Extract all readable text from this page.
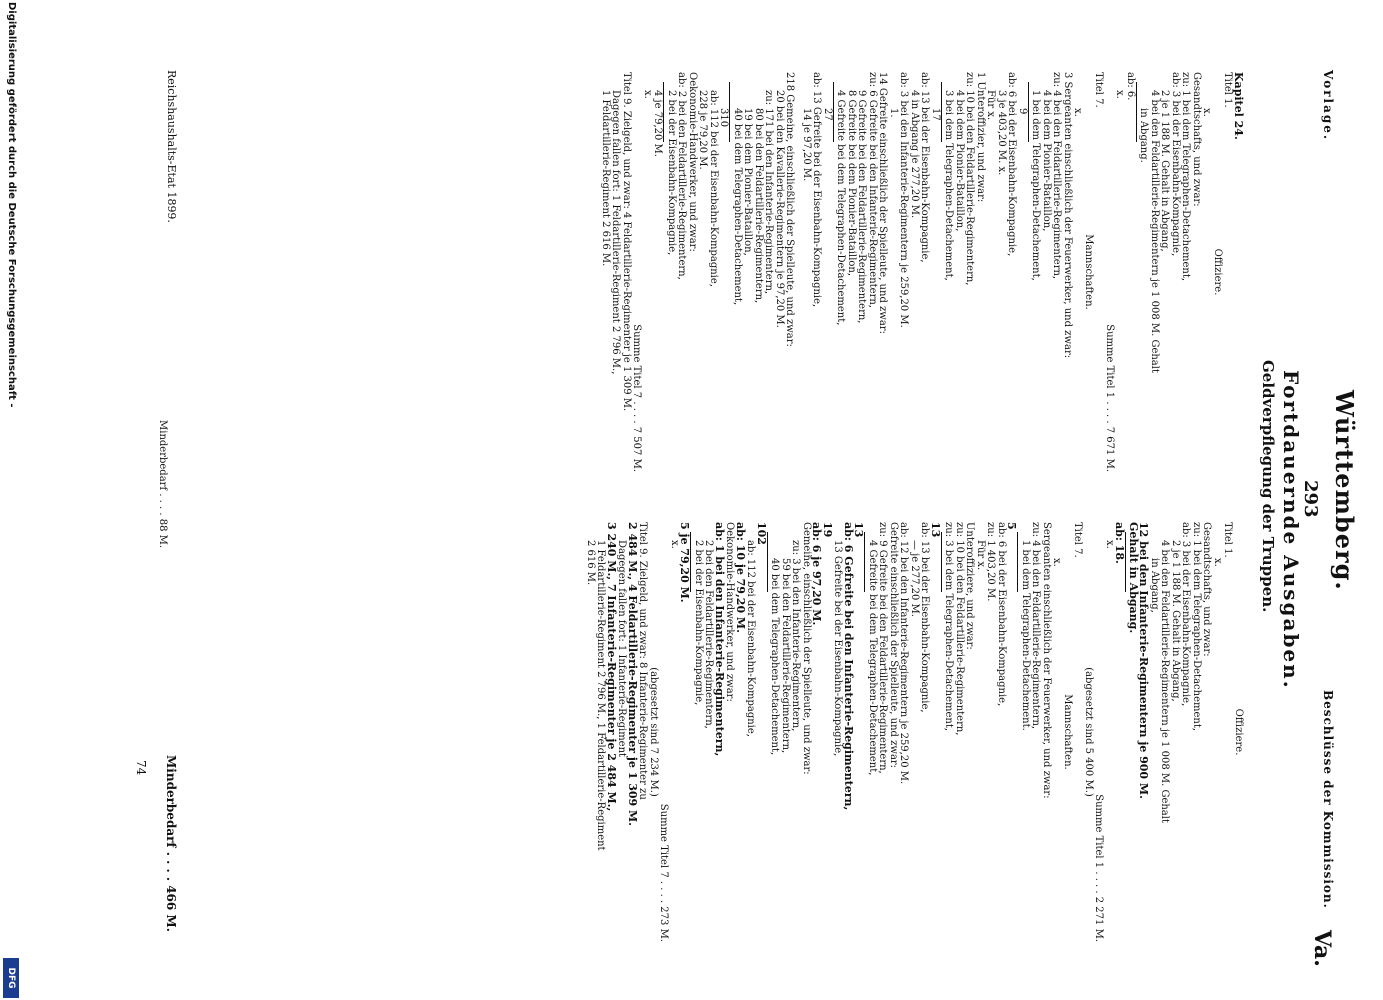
Vorlage.
Württemberg.
293
Beschlüsse der Kommission.
Va.
Fortdauernde Ausgaben.
Geldverpflegung der Truppen.
Kapitel 24.
Titel 1.
Offiziere.
x.
Gesandtschafts, und zwar:
zu: 1 bei dem Telegraphen-Detachement,
ab: 3 bei der Eisenbahn-Kompagnie,
2 je 1 188 M. Gehalt in Abgang,
4 bei den Feldartillerie-Regimentern je 1 008 M. Gehalt
in Abgang.
ab: 6.
x.
Summe Titel 1 . . . . 7 671 M.
Titel 7.
Mannschaften.
x.
3 Sergeanten einschließlich der Feuerwerker, und zwar:
zu: 4 bei den Feldartillerie-Regimentern,
4 bei dem Pionier-Bataillon,
1 bei dem Telegraphen-Detachement,
9
ab: 6 bei der Eisenbahn-Kompagnie,
3 je 403,20 M. x.
Für x.
1 Unteroffizier, und zwar:
zu: 10 bei den Feldartillerie-Regimentern,
4 bei dem Pionier-Bataillon,
3 bei dem Telegraphen-Detachement,
17
ab: 13 bei der Eisenbahn-Kompagnie,
4 in Abgang je 277,20 M.
ab: 3 bei den Infanterie-Regimentern je 259,20 M.
1.
14 Gefreite einschließlich der Spielleute, und zwar:
zu: 6 Gefreite bei den Infanterie-Regimentern,
9 Gefreite bei den Feldartillerie-Regimentern,
8 Gefreite bei dem Pionier-Bataillon,
4 Gefreite bei dem Telegraphen-Detachement,
27
ab: 13 Gefreite bei der Eisenbahn-Kompagnie,
14 je 97,20 M.
218 Gemeine, einschließlich der Spielleute, und zwar:
20 bei den Kavallerie-Regimentern je 97,20 M.
zu: 171 bei den Infanterie-Regimentern,
80 bei den Feldartillerie-Regimentern,
19 bei dem Pionier-Bataillon,
40 bei dem Telegraphen-Detachement,
310
ab: 112 bei der Eisenbahn-Kompagnie,
228 je 79,20 M.
Oekonomie-Handwerker, und zwar:
ab: 2 bei den Feldartillerie-Regimentern,
2 bei der Eisenbahn-Kompagnie,
4 je 79,20 M.
x.
Summe Titel 7 . . . . 7 507 M.
Titel 9. Zielgeld, und zwar: 4 Feldartillerie-Regimenter je 1 309 M.
Dagegen fallen fort: 1 Feldartillerie-Regiment 2 796 M.,
1 Feldartillerie-Regiment 2 616 M.
Offiziere.
Titel 1.
x.
Gesandtschafts, und zwar:
zu: 1 bei dem Telegraphen-Detachement,
ab: 3 bei der Eisenbahn-Kompagnie,
2 je 1 188 M. Gehalt in Abgang,
4 bei den Feldartillerie-Regimentern je 1 008 M. Gehalt
in Abgang,
12 bei den Infanterie-Regimentern je 900 M.
Gehalt in Abgang.
ab: 18.
x.
Summe Titel 1 . . . . 2 271 M.
(abgesetzt sind 5 400 M.)
Titel 7.
Mannschaften.
x.
Sergeanten einschließlich der Feuerwerker, und zwar:
zu: 4 bei den Feldartillerie-Regimentern,
1 bei dem Telegraphen-Detachement.
5
ab: 6 bei der Eisenbahn-Kompagnie,
zu: 1 403,20 M.
Für x.
Unteroffiziere, und zwar:
zu: 10 bei den Feldartillerie-Regimentern,
zu: 3 bei dem Telegraphen-Detachement,
13
ab: 13 bei der Eisenbahn-Kompagnie,
— je 277,20 M.
ab: 12 bei den Infanterie-Regimentern je 259,20 M.
Gefreite einschließlich der Spielleute, und zwar:
zu: 9 Gefreite bei den Feldartillerie-Regimentern,
4 Gefreite bei dem Telegraphen-Detachement,
13
ab: 6 Gefreite bei den Infanterie-Regimentern,
13 Gefreite bei der Eisenbahn-Kompagnie,
19
ab: 6 je 97,20 M.
Gemeine, einschließlich der Spielleute, und zwar:
zu: 3 bei den Infanterie-Regimentern,
59 bei den Feldartillerie-Regimentern,
40 bei dem Telegraphen-Detachement,
102
ab: 112 bei der Eisenbahn-Kompagnie,
ab: 10 je 79,20 M.
Oekonomie-Handwerker, und zwar:
ab: 1 bei den Infanterie-Regimentern,
2 bei den Feldartillerie-Regimentern,
2 bei der Eisenbahn-Kompagnie,
5 je 79,20 M.
x.
Summe Titel 7 . . . . 273 M.
(abgesetzt sind 7 234 M.)
Titel 9. Zielgeld, und zwar: 8 Infanterie-Regimenter zu
2 484 M., 4 Feldartillerie-Regimenter je 1 309 M.
Dagegen fallen fort: 1 Infanterie-Regiment
3 240 M., 7 Infanterie-Regimenter je 2 484 M.,
1 Feldartillerie-Regiment 2 796 M., 1 Feldartillerie-Regiment
2 616 M.
Reichshaushalts-Etat 1899.
Minderbedarf . . . . 88 M.
Minderbedarf . . . . 466 M.
74
Digitalisierung gefördert durch die Deutsche Forschungsgemeinschaft -
DFG
